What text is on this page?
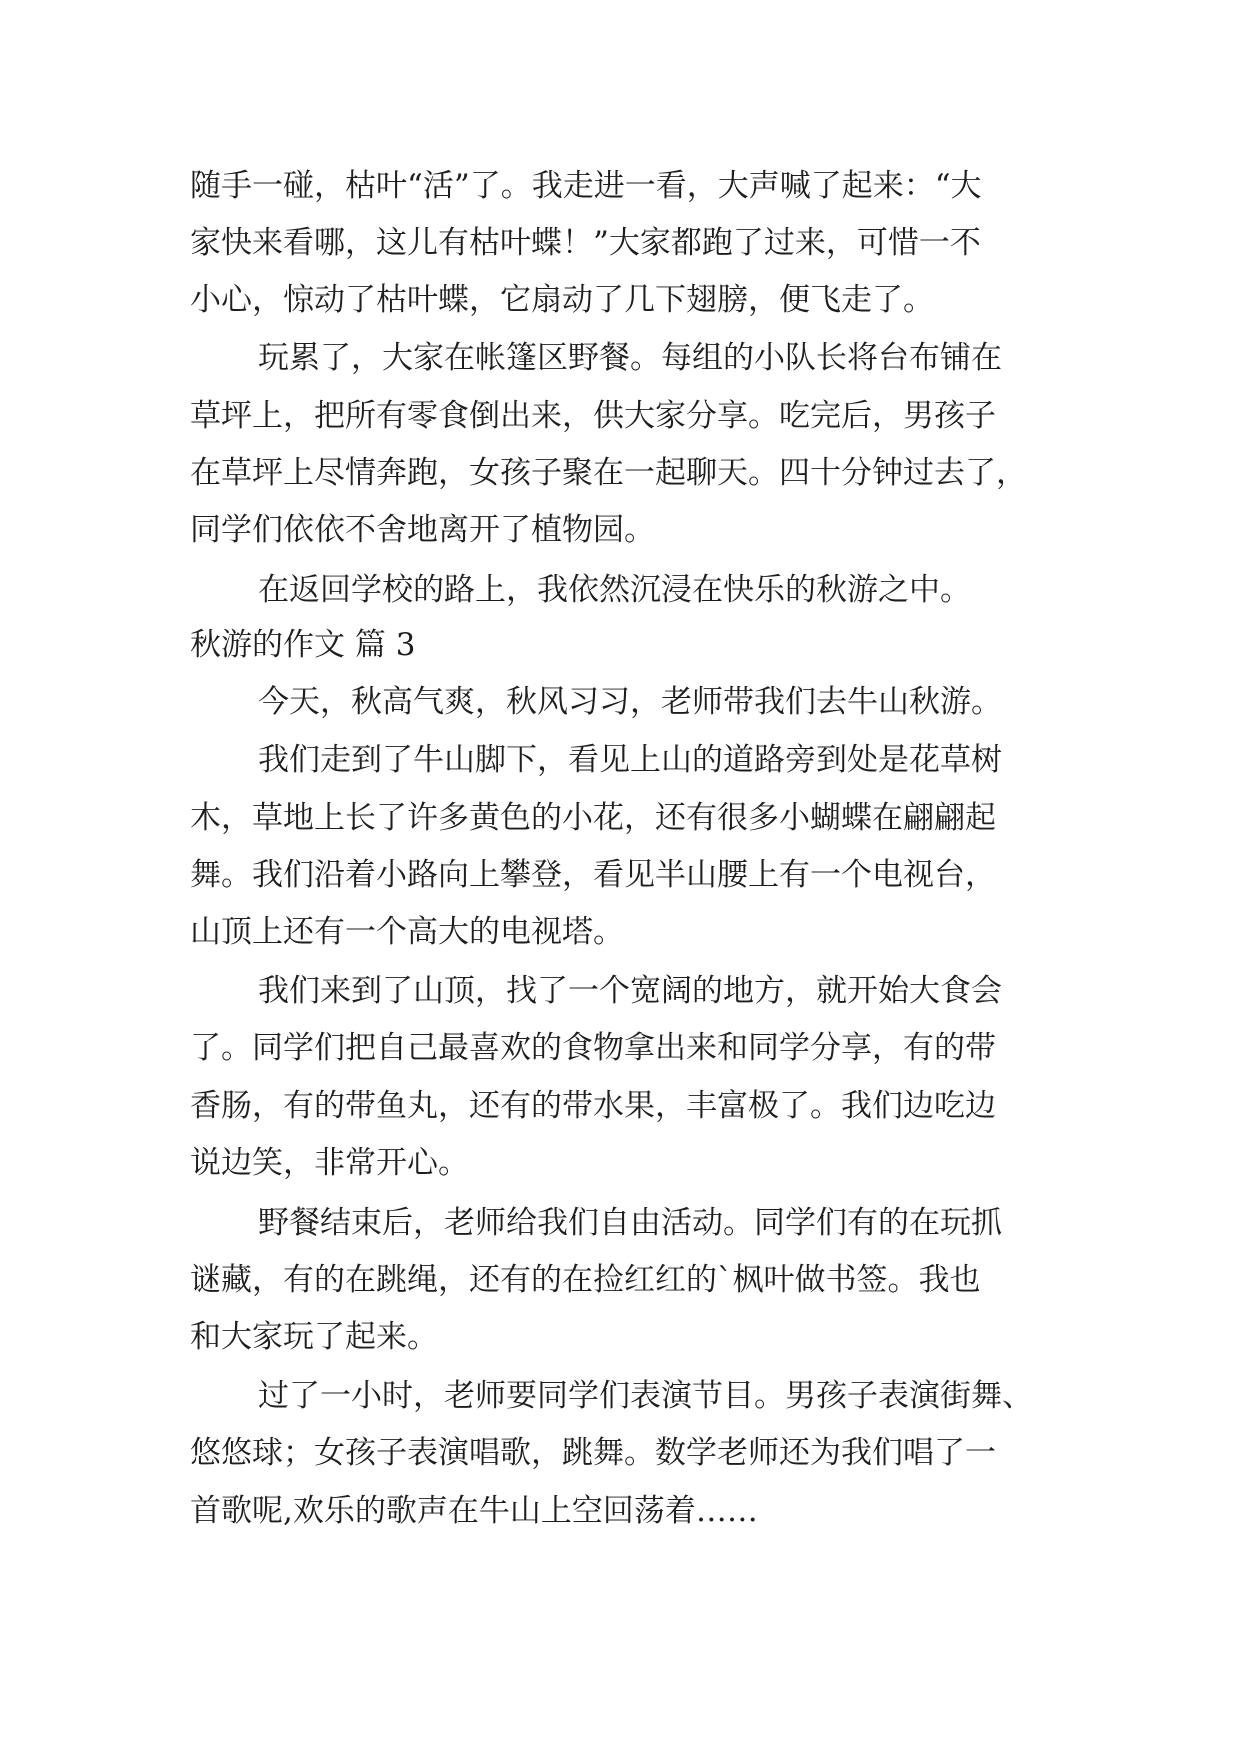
随手一碰，枯叶“活”了。我走进一看，大声喊了起来：“大
家快来看哪，这儿有枯叶蝶！”大家都跑了过来，可惜一不
小心，惊动了枯叶蝶，它扇动了几下翅膀，便飞走了。
玩累了，大家在帐篷区野餐。每组的小队长将台布铺在
草坪上，把所有零食倒出来，供大家分享。吃完后，男孩子
在草坪上尽情奔跑，女孩子聚在一起聊天。四十分钟过去了，
同学们依依不舍地离开了植物园。
在返回学校的路上，我依然沉浸在快乐的秋游之中。
秋游的作文 篇 3
今天，秋高气爽，秋风习习，老师带我们去牛山秋游。
我们走到了牛山脚下，看见上山的道路旁到处是花草树
木，草地上长了许多黄色的小花，还有很多小蝴蝶在翩翩起
舞。我们沿着小路向上攀登，看见半山腰上有一个电视台，
山顶上还有一个高大的电视塔。
我们来到了山顶，找了一个宽阔的地方，就开始大食会
了。同学们把自己最喜欢的食物拿出来和同学分享，有的带
香肠，有的带鱼丸，还有的带水果，丰富极了。我们边吃边
说边笑，非常开心。
野餐结束后，老师给我们自由活动。同学们有的在玩抓
谜藏，有的在跳绳，还有的在捡红红的`枫叶做书签。我也
和大家玩了起来。
过了一小时，老师要同学们表演节目。男孩子表演街舞、
悠悠球；女孩子表演唱歌，跳舞。数学老师还为我们唱了一
首歌呢,欢乐的歌声在牛山上空回荡着……
